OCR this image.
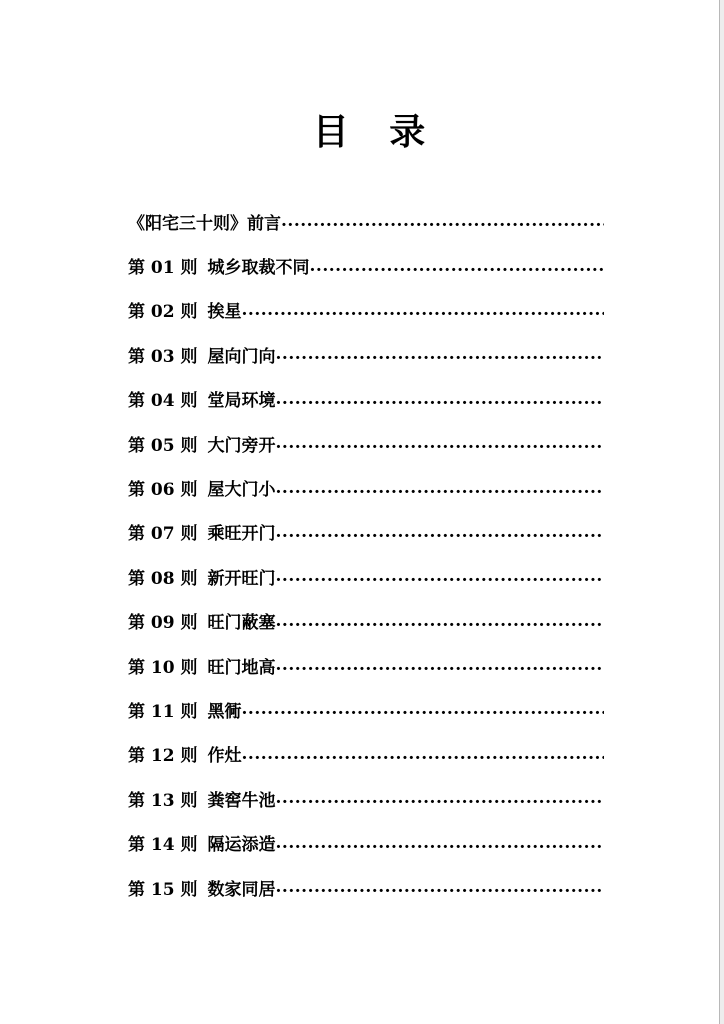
目 录
《阳宅三十则》前言
.....
第 01 则 城乡取裁不同
.....
第 02 则 挨星
.....
第 03 则 屋向门向
.....
第 04 则 堂局环境
.....
第 05 则 大门旁开
.....
第 06 则 屋大门小
.....
第 07 则 乘旺开门
.....
第 08 则 新开旺门
.....
第 09 则 旺门蔽塞
.....
第 10 则 旺门地高
.....
第 11 则 黑衕
.....
第 12 则 作灶
.....
第 13 则 粪窖牛池
.....
第 14 则 隔运添造
.....
第 15 则 数家同居
.....
